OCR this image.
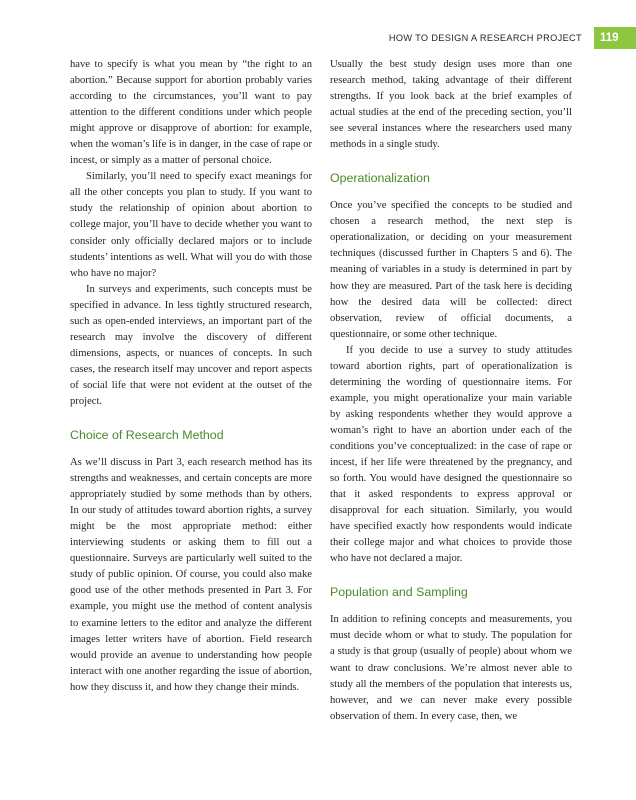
HOW TO DESIGN A RESEARCH PROJECT	119

have to specify is what you mean by “the right to an abortion.” Because support for abortion probably varies according to the circumstances, you’ll want to pay attention to the different conditions under which people might approve or disapprove of abortion: for example, when the woman’s life is in danger, in the case of rape or incest, or simply as a matter of personal choice.

Similarly, you’ll need to specify exact meanings for all the other concepts you plan to study. If you want to study the relationship of opinion about abortion to college major, you’ll have to decide whether you want to consider only officially declared majors or to include students’ intentions as well. What will you do with those who have no major?

In surveys and experiments, such concepts must be specified in advance. In less tightly structured research, such as open-ended interviews, an important part of the research may involve the discovery of different dimensions, aspects, or nuances of concepts. In such cases, the research itself may uncover and report aspects of social life that were not evident at the outset of the project.

Choice of Research Method

As we’ll discuss in Part 3, each research method has its strengths and weaknesses, and certain concepts are more appropriately studied by some methods than by others. In our study of attitudes toward abortion rights, a survey might be the most appropriate method: either interviewing students or asking them to fill out a questionnaire. Surveys are particularly well suited to the study of public opinion. Of course, you could also make good use of the other methods presented in Part 3. For example, you might use the method of content analysis to examine letters to the editor and analyze the different images letter writers have of abortion. Field research would provide an avenue to understanding how people interact with one another regarding the issue of abortion, how they discuss it, and how they change their minds.

Usually the best study design uses more than one research method, taking advantage of their different strengths. If you look back at the brief examples of actual studies at the end of the preceding section, you’ll see several instances where the researchers used many methods in a single study.

Operationalization

Once you’ve specified the concepts to be studied and chosen a research method, the next step is operationalization, or deciding on your measurement techniques (discussed further in Chapters 5 and 6). The meaning of variables in a study is determined in part by how they are measured. Part of the task here is deciding how the desired data will be collected: direct observation, review of official documents, a questionnaire, or some other technique.

If you decide to use a survey to study attitudes toward abortion rights, part of operationalization is determining the wording of questionnaire items. For example, you might operationalize your main variable by asking respondents whether they would approve a woman’s right to have an abortion under each of the conditions you’ve conceptualized: in the case of rape or incest, if her life were threatened by the pregnancy, and so forth. You would have designed the questionnaire so that it asked respondents to express approval or disapproval for each situation. Similarly, you would have specified exactly how respondents would indicate their college major and what choices to provide those who have not declared a major.

Population and Sampling

In addition to refining concepts and measurements, you must decide whom or what to study. The population for a study is that group (usually of people) about whom we want to draw conclusions. We’re almost never able to study all the members of the population that interests us, however, and we can never make every possible observation of them. In every case, then, we
